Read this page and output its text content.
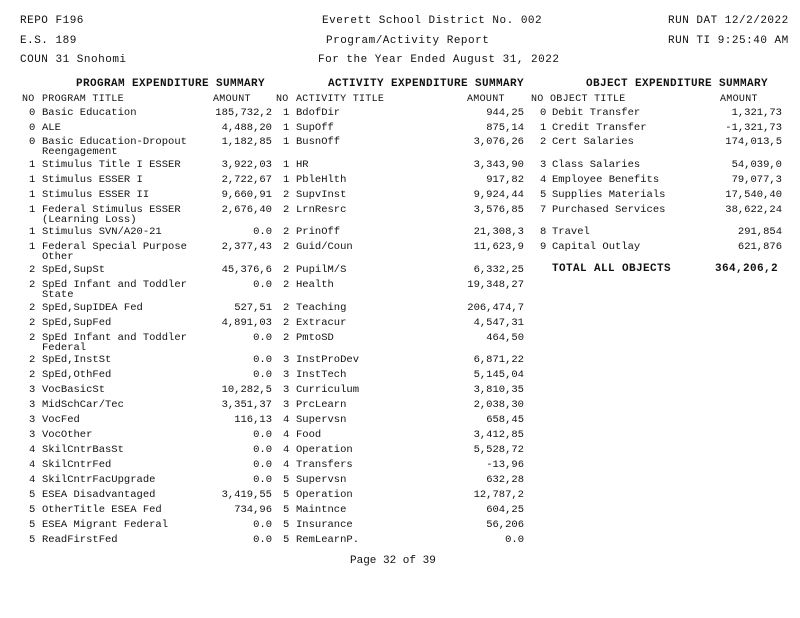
REPO F196
E.S. 189
COUN 31 Snohomi
Everett School District No. 002
Program/Activity Report
For the Year Ended August 31, 2022
RUN DAT 12/2/2022
RUN TI 9:25:40 AM
PROGRAM EXPENDITURE SUMMARY	ACTIVITY EXPENDITURE SUMMARY	OBJECT EXPENDITURE SUMMARY
NO PROGRAM TITLE	AMOUNT	NO ACTIVITY TITLE	AMOUNT	NO OBJECT TITLE	AMOUNT
0 Basic Education	185,732,2
0 ALE	4,488,20
0 Basic Education-Dropout Reengagement
1,182,85
1 Stimulus Title I ESSER	3,922,03
1 Stimulus ESSER I	2,722,67
1 Stimulus ESSER II	9,660,91
1 Federal Stimulus ESSER (Learning Loss)
2,676,40
1 Stimulus SVN/A20-21	0.0
1 Federal Special Purpose Other
2,377,43
2 SpEd,SupSt	45,376,6
2 SpEd Infant and Toddler State
0.0
2 SpEd,SupIDEA Fed	527,51
2 SpEd,SupFed	4,891,03
2 SpEd Infant and Toddler Federal
0.0
2 SpEd,InstSt	0.0
2 SpEd,OthFed	0.0
3 VocBasicSt	10,282,5
3 MidSchCar/Tec	3,351,37
3 VocFed	116,13
3 VocOther	0.0
4 SkilCntrBasSt	0.0
4 SkilCntrFed	0.0
4 SkilCntrFacUpgrade	0.0
5 ESEA Disadvantaged	3,419,55
5 OtherTitle ESEA Fed	734,96
5 ESEA Migrant Federal	0.0
5 ReadFirstFed	0.0
1 BdofDir	944,25
1 SupOff	875,14
1 BusnOff	3,076,26
1 HR	3,343,90
1 PbleHlth	917,82
2 SupvInst	9,924,44
2 LrnResrc	3,576,85
2 PrinOff	21,308,3
2 Guid/Coun	11,623,9
2 PupilM/S	6,332,25
2 Health	19,348,27
2 Teaching	206,474,7
2 Extracur	4,547,31
2 PmtoSD	464,50
3 InstProDev	6,871,22
3 InstTech	5,145,04
3 Curriculum	3,810,35
3 PrcLearn	2,038,30
4 Supervsn	658,45
4 Food	3,412,85
4 Operation	5,528,72
4 Transfers	-13,96
5 Supervsn	632,28
5 Operation	12,787,2
5 Maintnce	604,25
5 Insurance	56,206
5 RemLearnP.	0.0
0 Debit Transfer	1,321,73
1 Credit Transfer	-1,321,73
2 Cert Salaries	174,013,5
3 Class Salaries	54,039,0
4 Employee Benefits	79,077,3
5 Supplies Materials	17,540,40
7 Purchased Services	38,622,24
8 Travel	291,854
9 Capital Outlay	621,876
TOTAL ALL OBJECTS	364,206,2
Page 32 of 39
